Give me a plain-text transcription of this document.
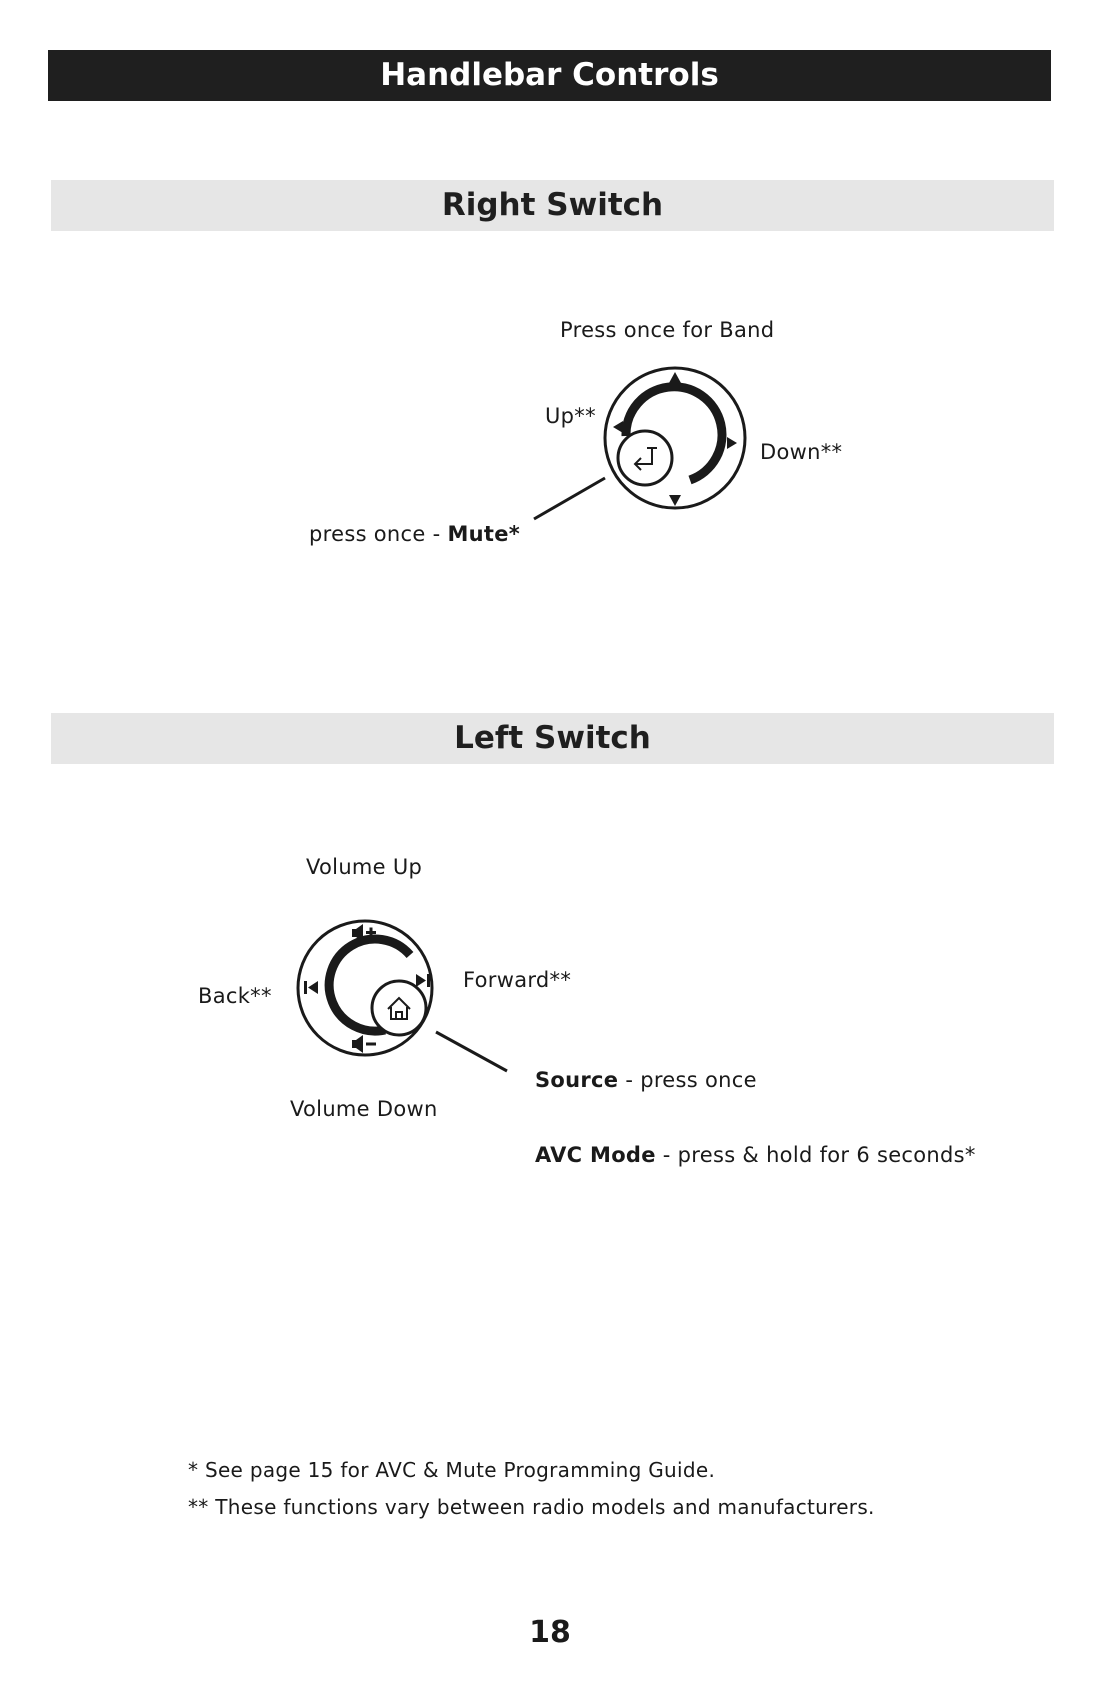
Handlebar Controls
Right Switch
Press once for Band
Up**
Down**
press once - Mute*
Left Switch
Volume Up
Back**
Forward**
Volume Down
Source - press once
AVC Mode - press & hold for 6 seconds*
* See page 15 for AVC & Mute Programming Guide.
** These functions vary between radio models and manufacturers.
18
